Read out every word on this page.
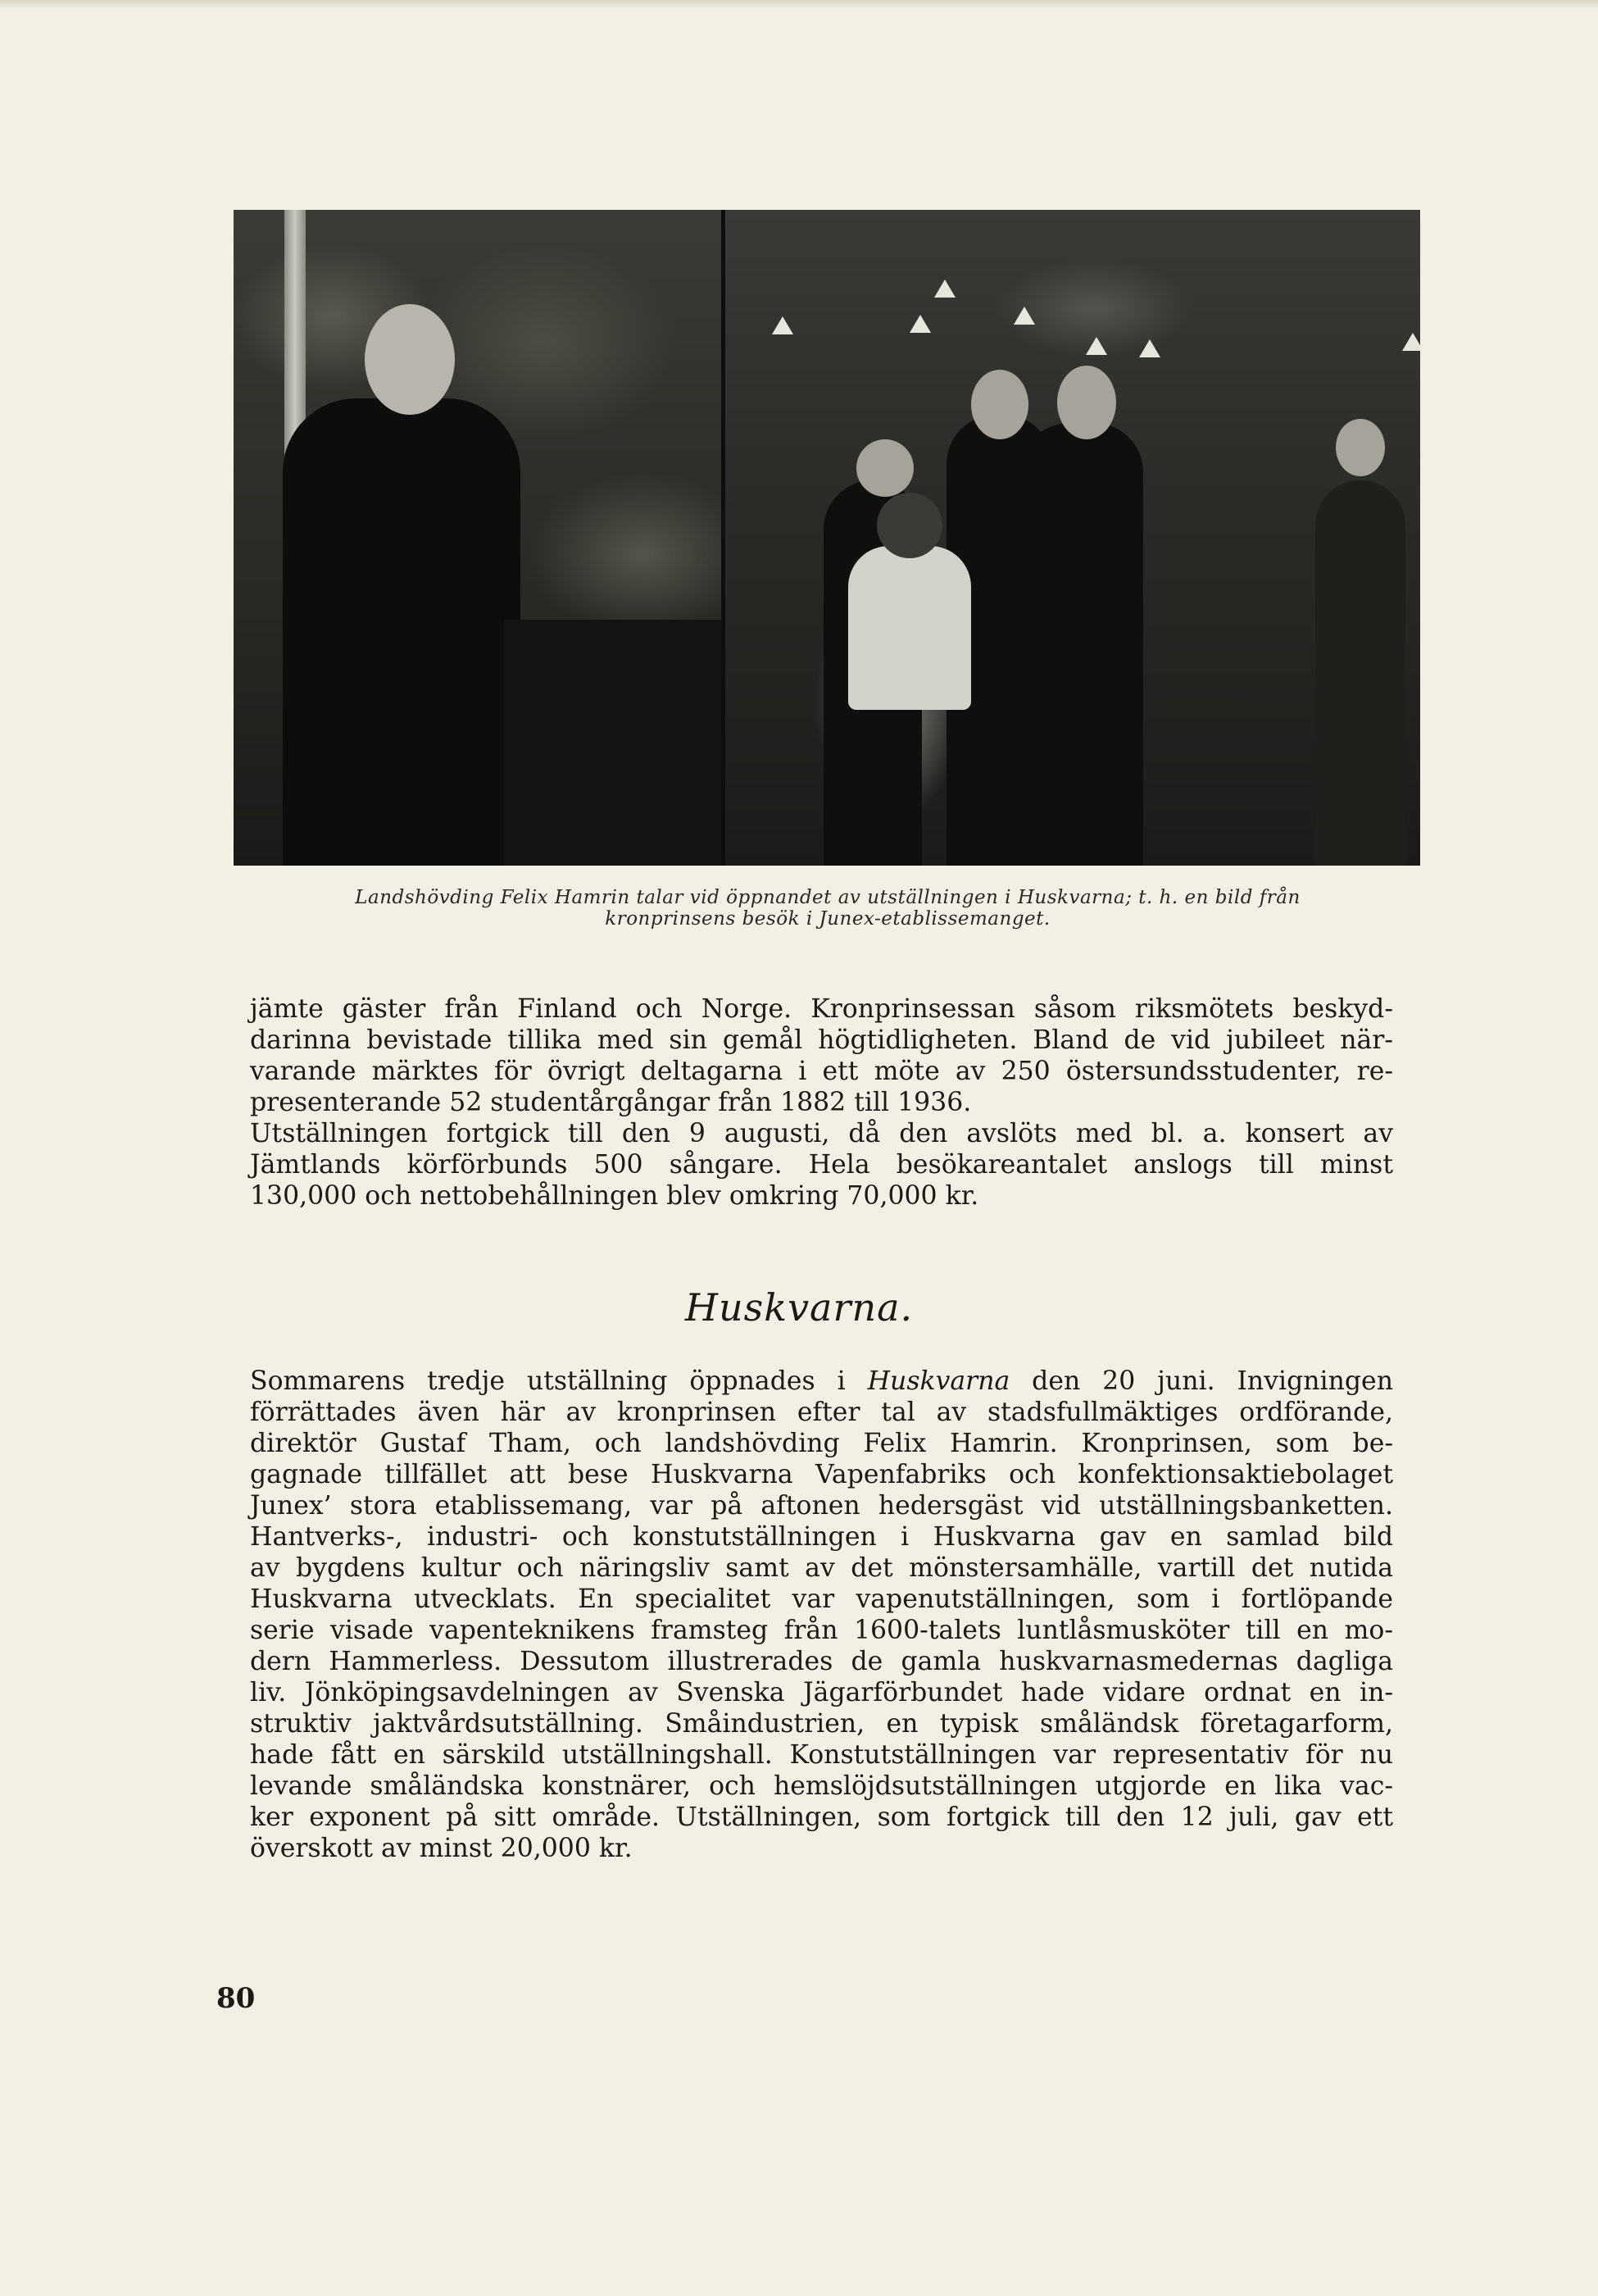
Landshövding Felix Hamrin talar vid öppnandet av utställningen i Huskvarna; t. h. en bild från
kronprinsens besök i Junex-etablissemanget.
jämte gäster från Finland och Norge. Kronprinsessan såsom riksmötets beskyd-
darinna bevistade tillika med sin gemål högtidligheten. Bland de vid jubileet när-
varande märktes för övrigt deltagarna i ett möte av 250 östersundsstudenter, re-
presenterande 52 studentårgångar från 1882 till 1936.
Utställningen fortgick till den 9 augusti, då den avslöts med bl. a. konsert av
Jämtlands körförbunds 500 sångare. Hela besökareantalet anslogs till minst
130,000 och nettobehållningen blev omkring 70,000 kr.
Huskvarna.
Sommarens tredje utställning öppnades i Huskvarna den 20 juni. Invigningen
förrättades även här av kronprinsen efter tal av stadsfullmäktiges ordförande,
direktör Gustaf Tham, och landshövding Felix Hamrin. Kronprinsen, som be-
gagnade tillfället att bese Huskvarna Vapenfabriks och konfektionsaktiebolaget
Junex’ stora etablissemang, var på aftonen hedersgäst vid utställningsbanketten.
Hantverks-, industri- och konstutställningen i Huskvarna gav en samlad bild
av bygdens kultur och näringsliv samt av det mönstersamhälle, vartill det nutida
Huskvarna utvecklats. En specialitet var vapenutställningen, som i fortlöpande
serie visade vapenteknikens framsteg från 1600-talets luntlåsmusköter till en mo-
dern Hammerless. Dessutom illustrerades de gamla huskvarnasmedernas dagliga
liv. Jönköpingsavdelningen av Svenska Jägarförbundet hade vidare ordnat en in-
struktiv jaktvårdsutställning. Småindustrien, en typisk småländsk företagarform,
hade fått en särskild utställningshall. Konstutställningen var representativ för nu
levande småländska konstnärer, och hemslöjdsutställningen utgjorde en lika vac-
ker exponent på sitt område. Utställningen, som fortgick till den 12 juli, gav ett
överskott av minst 20,000 kr.
80
